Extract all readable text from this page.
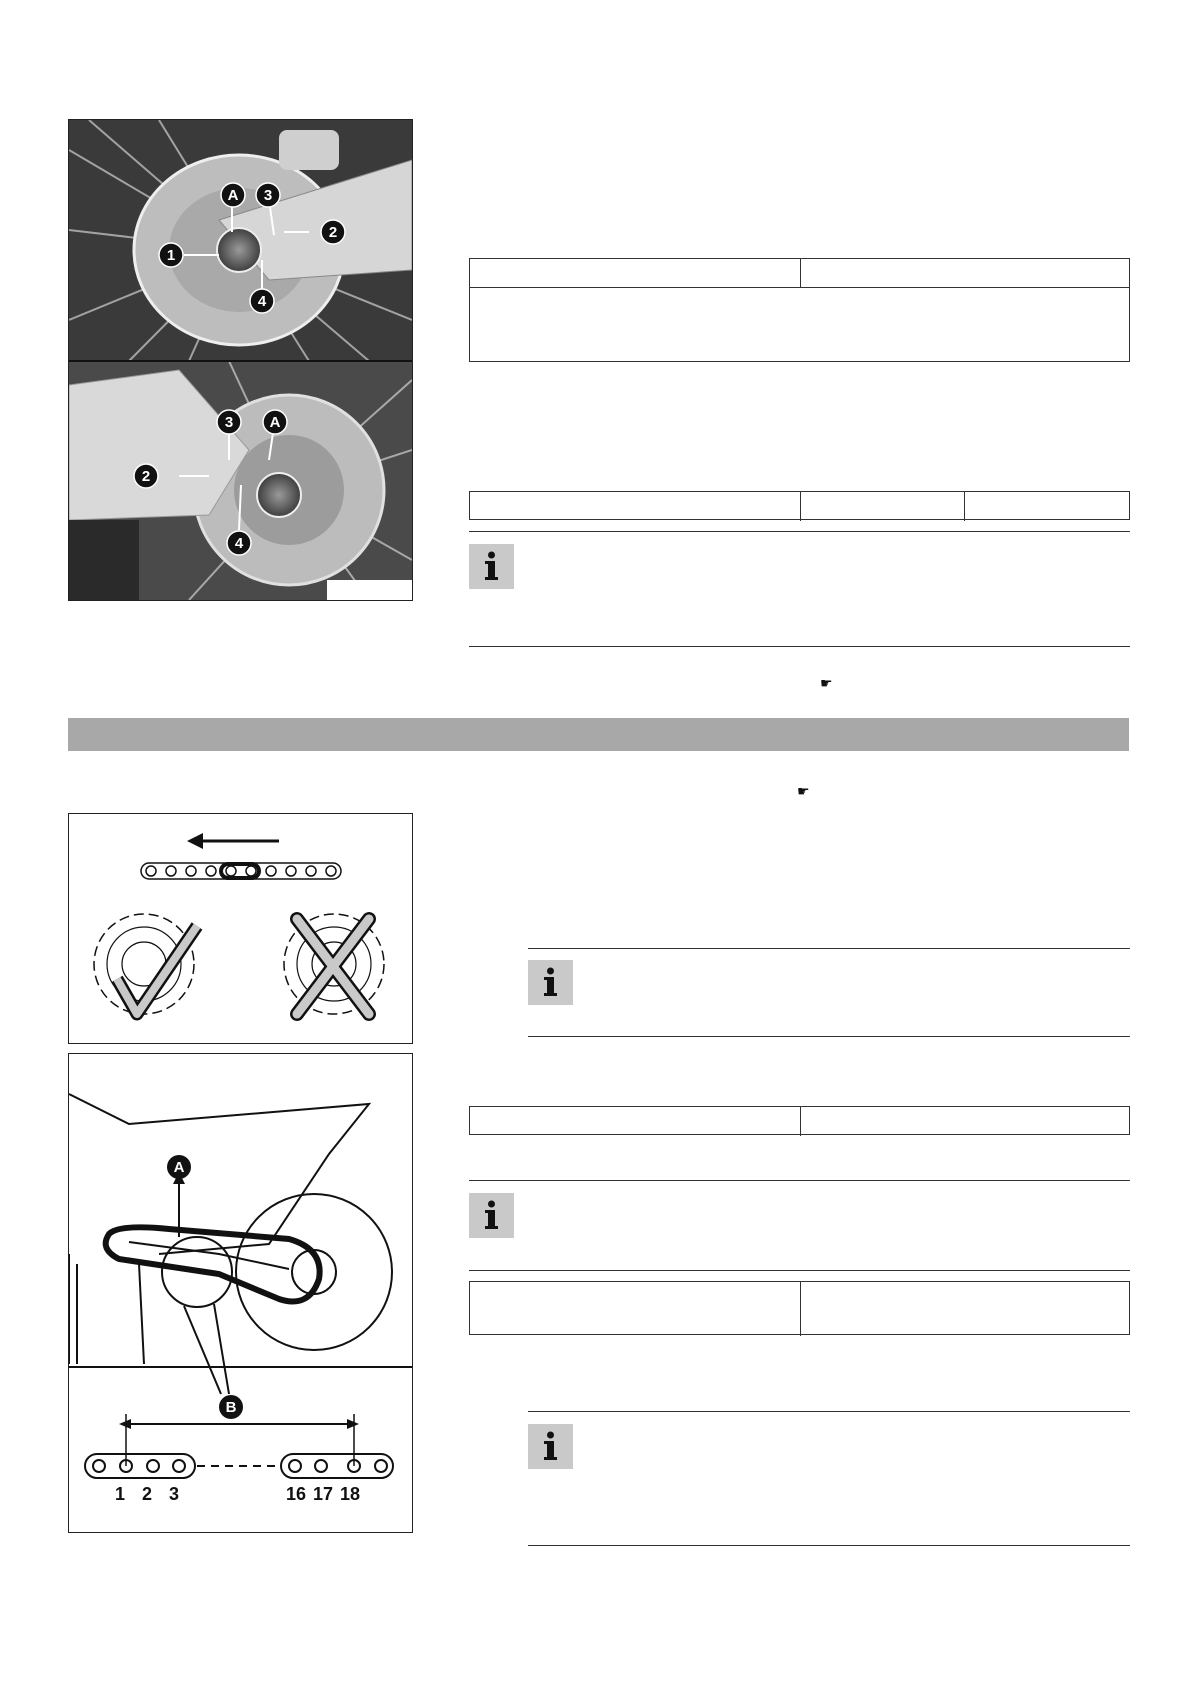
A 3
2
1
4
3 A
2
4
☛
☛
A
B
1 2 3	16 17 18
